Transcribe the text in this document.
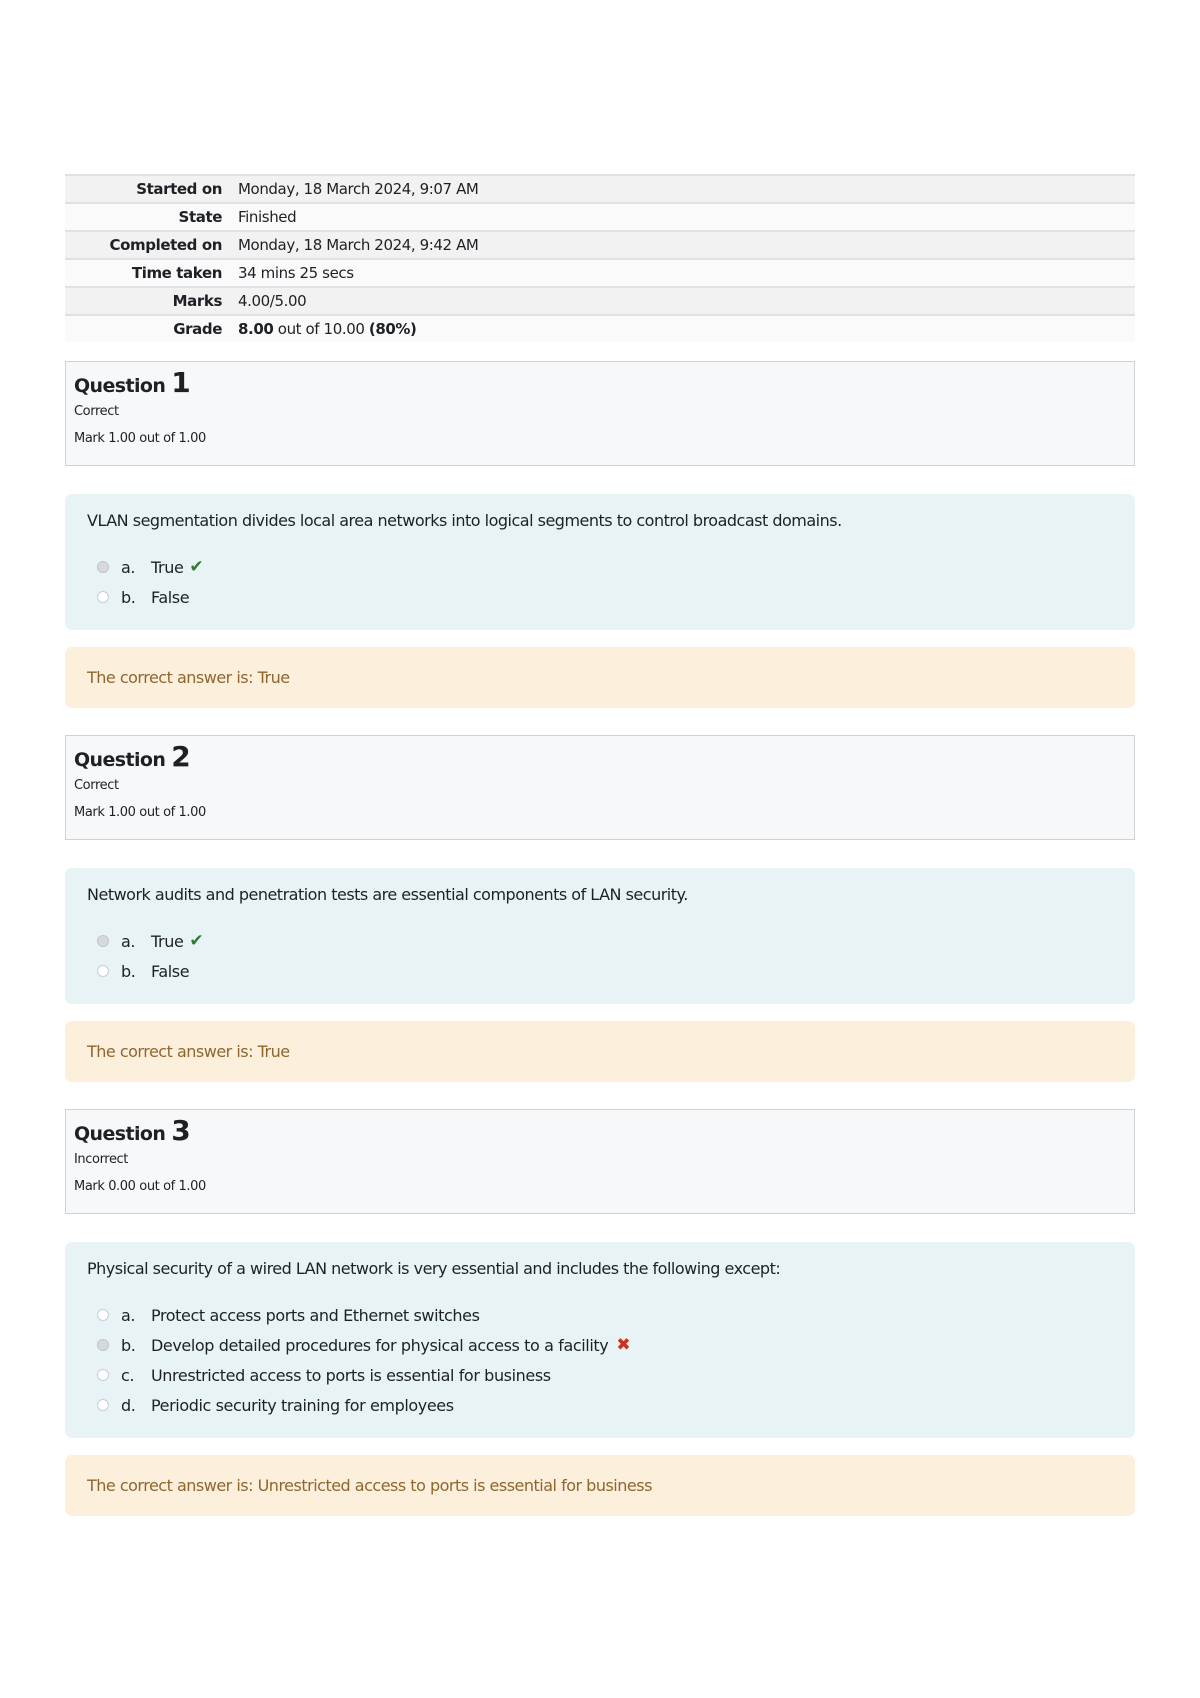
Started on	Monday, 18 March 2024, 9:07 AM
State	Finished
Completed on	Monday, 18 March 2024, 9:42 AM
Time taken	34 mins 25 secs
Marks	4.00/5.00
Grade	8.00 out of 10.00 (80%)
Question 1
Correct
Mark 1.00 out of 1.00
VLAN segmentation divides local area networks into logical segments to control broadcast domains.
a. True ✔
b. False
The correct answer is: True
Question 2
Correct
Mark 1.00 out of 1.00
Network audits and penetration tests are essential components of LAN security.
a. True ✔
b. False
The correct answer is: True
Question 3
Incorrect
Mark 0.00 out of 1.00
Physical security of a wired LAN network is very essential and includes the following except:
a. Protect access ports and Ethernet switches
b. Develop detailed procedures for physical access to a facility ✖
c.	Unrestricted access to ports is essential for business
d. Periodic security training for employees
The correct answer is: Unrestricted access to ports is essential for business
